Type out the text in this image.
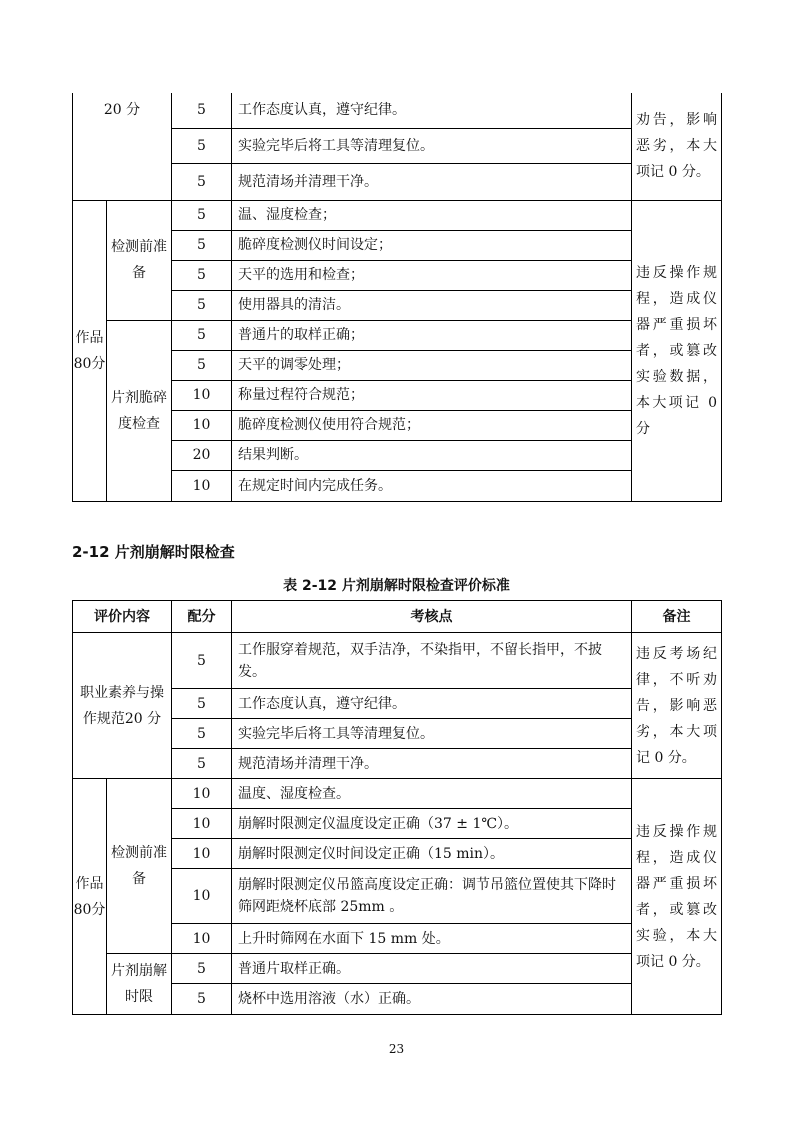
20 分		5	工作态度认真，遵守纪律。	劝告，影响恶劣，本大项记 0 分。
		5	实验完毕后将工具等清理复位。	
		5	规范清场并清理干净。	
作品80分	检测前准备	5	温、湿度检查；	违反操作规程，造成仪器严重损坏者，或篡改实验数据，本大项记 0 分
		5	脆碎度检测仪时间设定；	
		5	天平的选用和检查；	
		5	使用器具的清洁。	
	片剂脆碎度检查	5	普通片的取样正确；	
		5	天平的调零处理；	
		10	称量过程符合规范；	
		10	脆碎度检测仪使用符合规范；	
		20	结果判断。	
		10	在规定时间内完成任务。	
2-12 片剂崩解时限检查
表 2-12 片剂崩解时限检查评价标准
评价内容		配分	考核点	备注
职业素养与操作规范20 分		5	工作服穿着规范，双手洁净，不染指甲，不留长指甲，不披发。	违反考场纪律，不听劝告，影响恶劣，本大项记 0 分。
		5	工作态度认真，遵守纪律。	
		5	实验完毕后将工具等清理复位。	
		5	规范清场并清理干净。	
作品80分	检测前准备	10	温度、湿度检查。	违反操作规程，造成仪器严重损坏者，或篡改实验，本大项记 0 分。
		10	崩解时限测定仪温度设定正确（37 ± 1℃）。	
		10	崩解时限测定仪时间设定正确（15 min）。	
		10	崩解时限测定仪吊篮高度设定正确：调节吊篮位置使其下降时筛网距烧杯底部 25mm 。	
		10	上升时筛网在水面下 15 mm 处。	
	片剂崩解时限	5	普通片取样正确。	
		5	烧杯中选用溶液（水）正确。	
23
